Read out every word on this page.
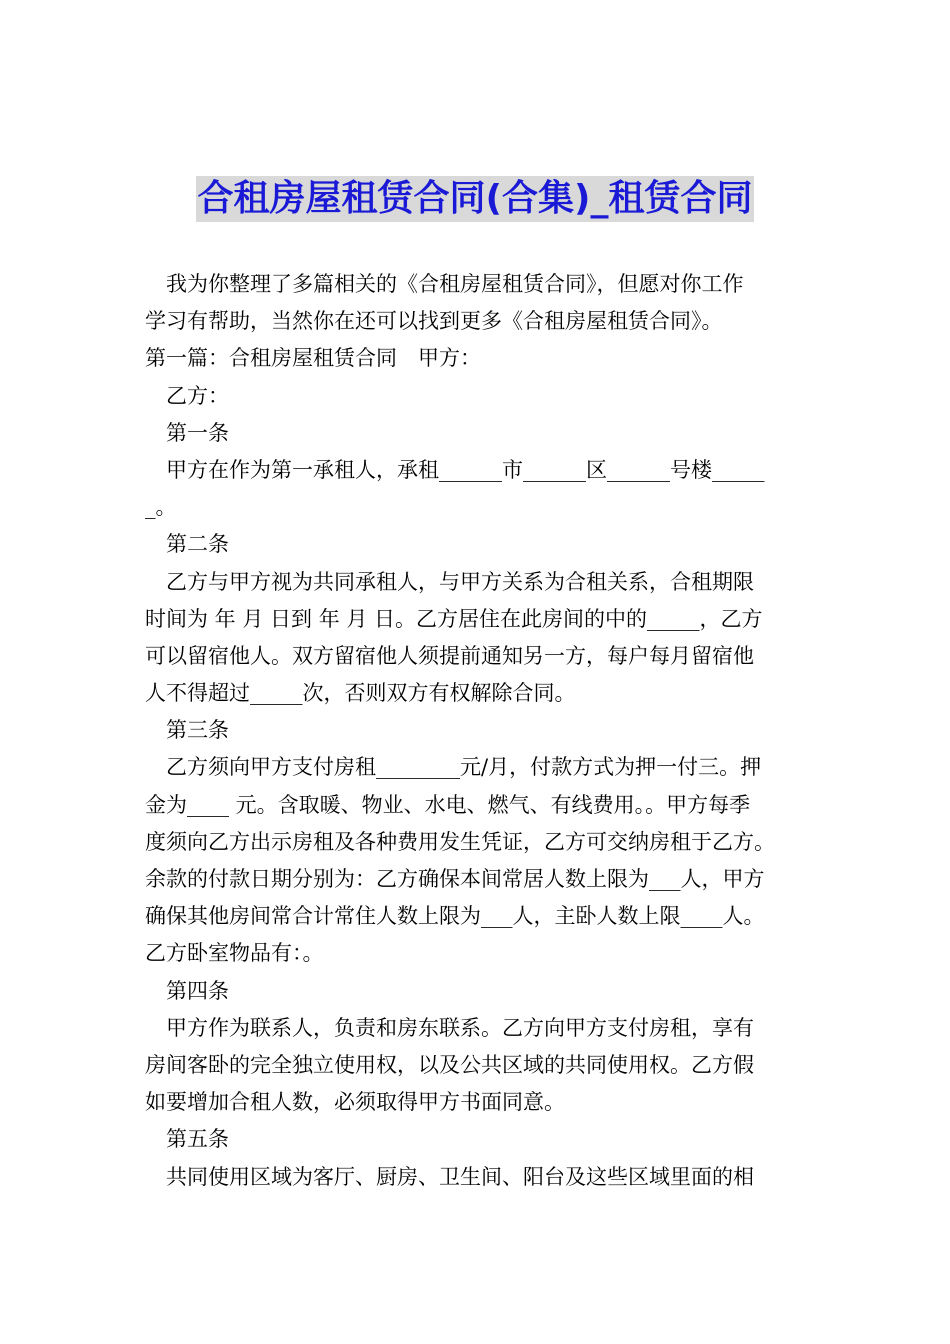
合租房屋租赁合同(合集)_租赁合同
我为你整理了多篇相关的《合租房屋租赁合同》，但愿对你工作
学习有帮助，当然你在还可以找到更多《合租房屋租赁合同》。
第一篇：合租房屋租赁合同　甲方：
乙方：
第一条
甲方在作为第一承租人，承租______市______区______号楼_____
_。
第二条
乙方与甲方视为共同承租人，与甲方关系为合租关系，合租期限
时间为 年 月 日到 年 月 日。乙方居住在此房间的中的_____，乙方
可以留宿他人。双方留宿他人须提前通知另一方，每户每月留宿他
人不得超过_____次，否则双方有权解除合同。
第三条
乙方须向甲方支付房租________元/月，付款方式为押一付三。押
金为____ 元。含取暖、物业、水电、燃气、有线费用。。甲方每季
度须向乙方出示房租及各种费用发生凭证，乙方可交纳房租于乙方。
余款的付款日期分别为：乙方确保本间常居人数上限为___人，甲方
确保其他房间常合计常住人数上限为___人，主卧人数上限____人。
乙方卧室物品有：。
第四条
甲方作为联系人，负责和房东联系。乙方向甲方支付房租，享有
房间客卧的完全独立使用权，以及公共区域的共同使用权。乙方假
如要增加合租人数，必须取得甲方书面同意。
第五条
共同使用区域为客厅、厨房、卫生间、阳台及这些区域里面的相
